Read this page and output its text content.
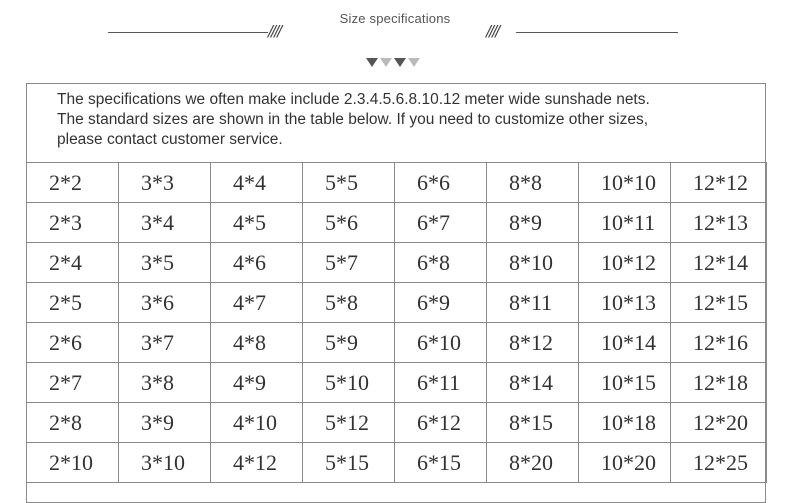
////
Size specifications
////
The specifications we often make include 2.3.4.5.6.8.10.12 meter wide sunshade nets.
The standard sizes are shown in the table below. If you need to customize other sizes,
please contact customer service.
2*2	3*3	4*4	5*5	6*6	8*8	10*10	12*12
2*3	3*4	4*5	5*6	6*7	8*9	10*11	12*13
2*4	3*5	4*6	5*7	6*8	8*10	10*12	12*14
2*5	3*6	4*7	5*8	6*9	8*11	10*13	12*15
2*6	3*7	4*8	5*9	6*10	8*12	10*14	12*16
2*7	3*8	4*9	5*10	6*11	8*14	10*15	12*18
2*8	3*9	4*10	5*12	6*12	8*15	10*18	12*20
2*10	3*10	4*12	5*15	6*15	8*20	10*20	12*25
